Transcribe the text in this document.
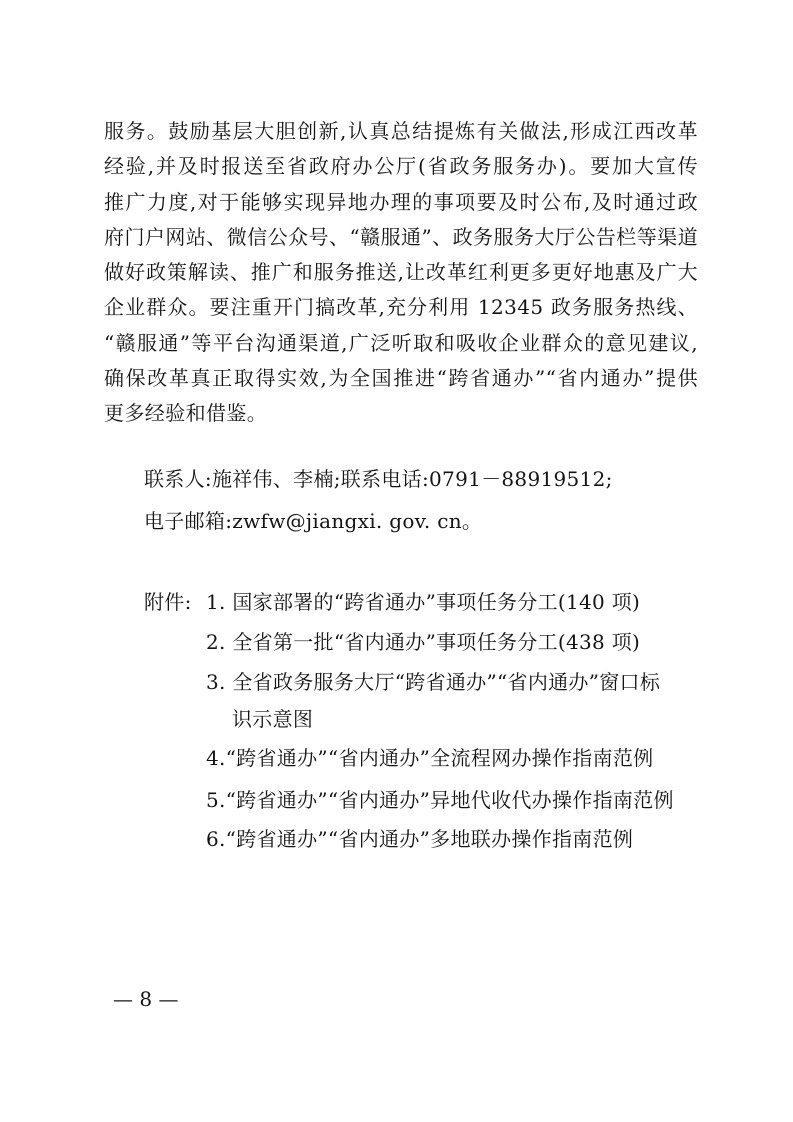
服务。鼓励基层大胆创新,认真总结提炼有关做法,形成江西改革
经验,并及时报送至省政府办公厅(省政务服务办)。要加大宣传
推广力度,对于能够实现异地办理的事项要及时公布,及时通过政
府门户网站、微信公众号、“赣服通”、政务服务大厅公告栏等渠道
做好政策解读、推广和服务推送,让改革红利更多更好地惠及广大
企业群众。要注重开门搞改革,充分利用 12345 政务服务热线、
“赣服通”等平台沟通渠道,广泛听取和吸收企业群众的意见建议,
确保改革真正取得实效,为全国推进“跨省通办”“省内通办”提供
更多经验和借鉴。
联系人:施祥伟、李楠;联系电话:0791－88919512;
电子邮箱:zwfw@jiangxi. gov. cn。
附件: 1. 国家部署的“跨省通办”事项任务分工(140 项)
2. 全省第一批“省内通办”事项任务分工(438 项)
3. 全省政务服务大厅“跨省通办”“省内通办”窗口标
识示意图
4.“跨省通办”“省内通办”全流程网办操作指南范例
5.“跨省通办”“省内通办”异地代收代办操作指南范例
6.“跨省通办”“省内通办”多地联办操作指南范例
— 8 —
